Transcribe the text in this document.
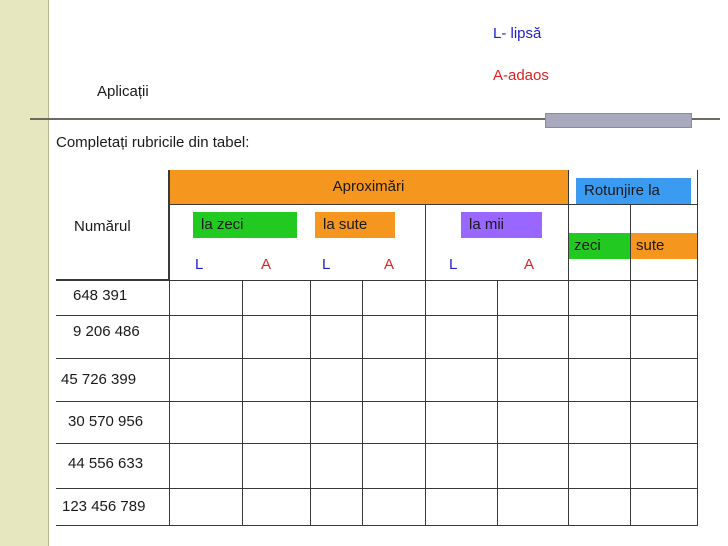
L- lipsă
A-adaos
Aplicații
Completați rubricile din tabel:
Numărul
Aproximări	Rotunjire la
la zeci	la sute	la mii
zeci sute
L	A	L	A	L	A
648 391
9 206 486
45 726 399
30 570 956
44 556 633
123 456 789
